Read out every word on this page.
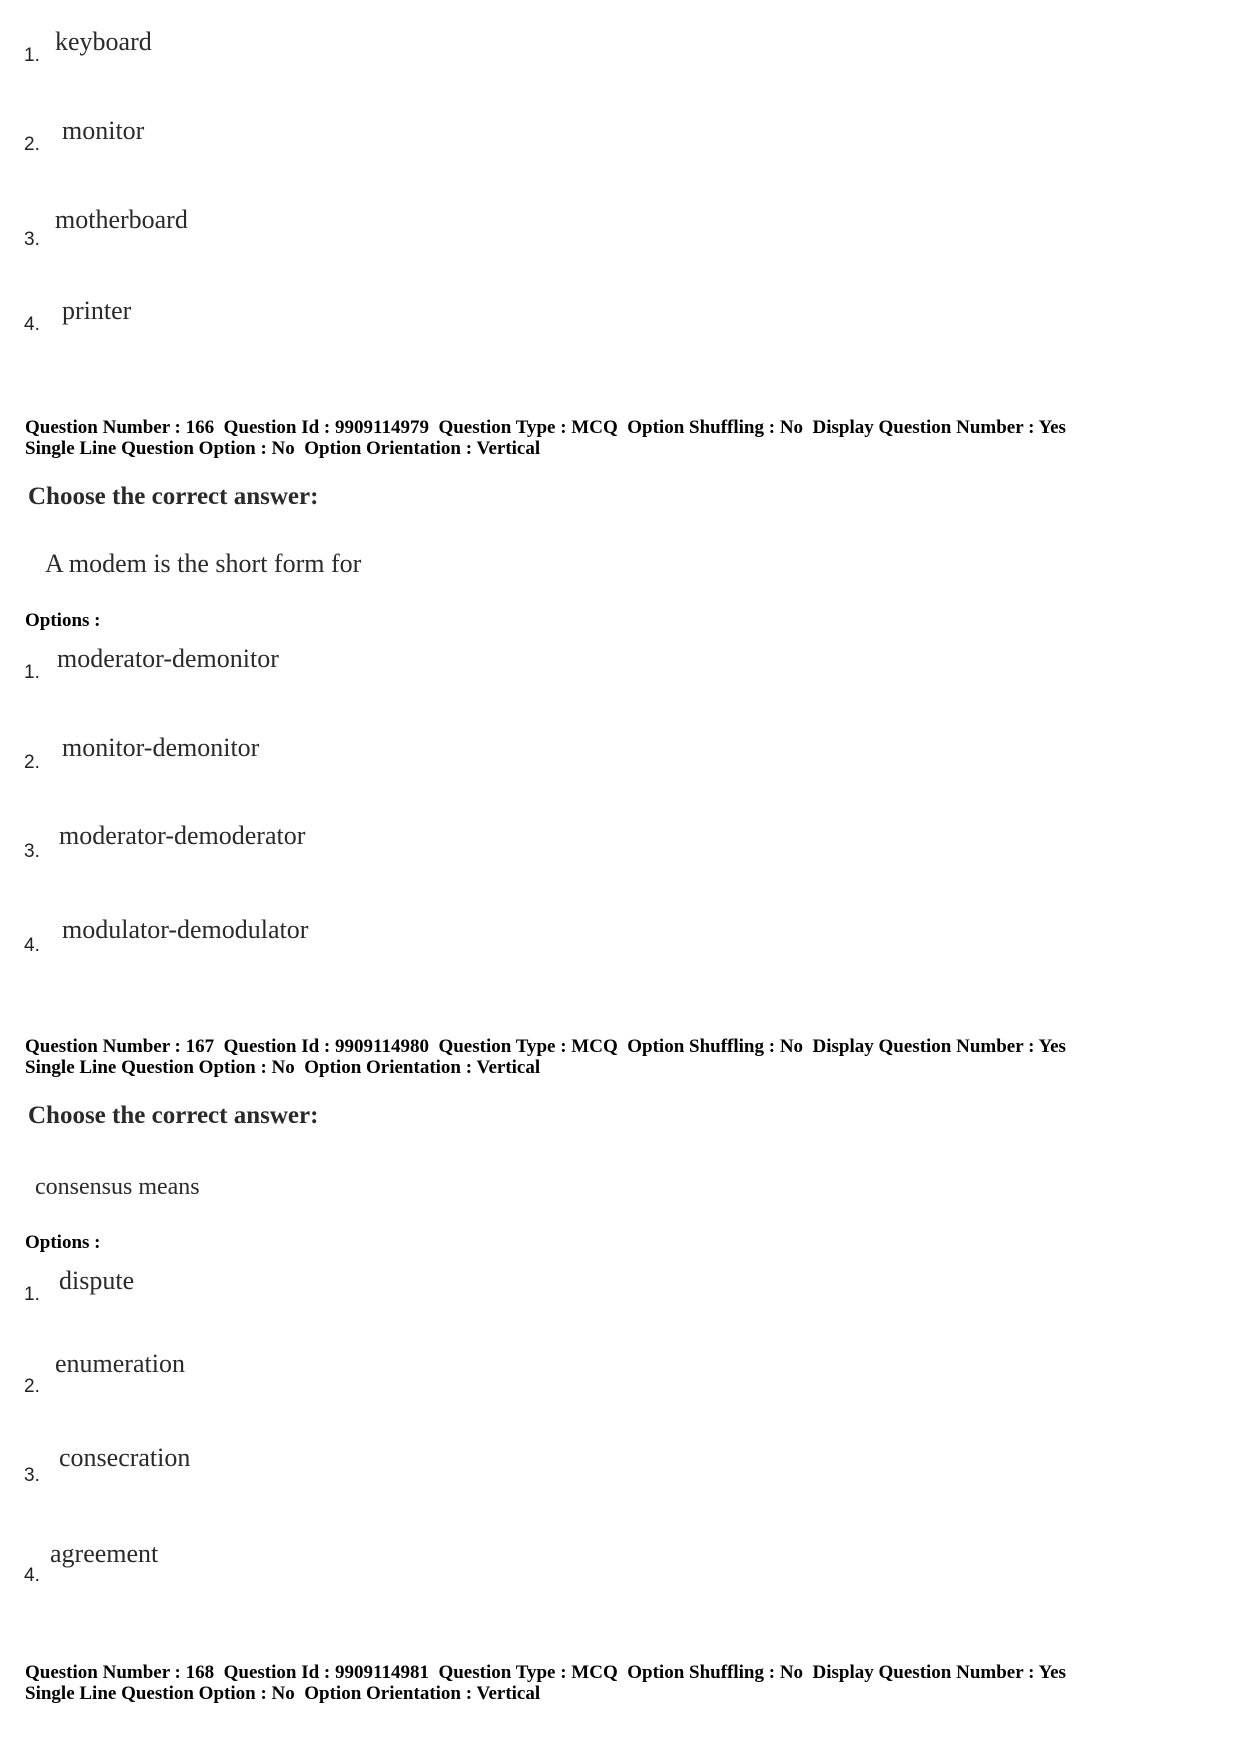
1. keyboard
2. monitor
3.
motherboard
4. printer
Question Number : 166  Question Id : 9909114979  Question Type : MCQ  Option Shuffling : No  Display Question Number : Yes
Single Line Question Option : No  Option Orientation : Vertical
Choose the correct answer:
A modem is the short form for
Options :
1. moderator-demonitor
2.
monitor-demonitor
3.
moderator-demoderator
4.
modulator-demodulator
Question Number : 167  Question Id : 9909114980  Question Type : MCQ  Option Shuffling : No  Display Question Number : Yes
Single Line Question Option : No  Option Orientation : Vertical
Choose the correct answer:
consensus means
Options :
1. dispute
2.
enumeration
3.
consecration
4.
agreement
Question Number : 168  Question Id : 9909114981  Question Type : MCQ  Option Shuffling : No  Display Question Number : Yes
Single Line Question Option : No  Option Orientation : Vertical
